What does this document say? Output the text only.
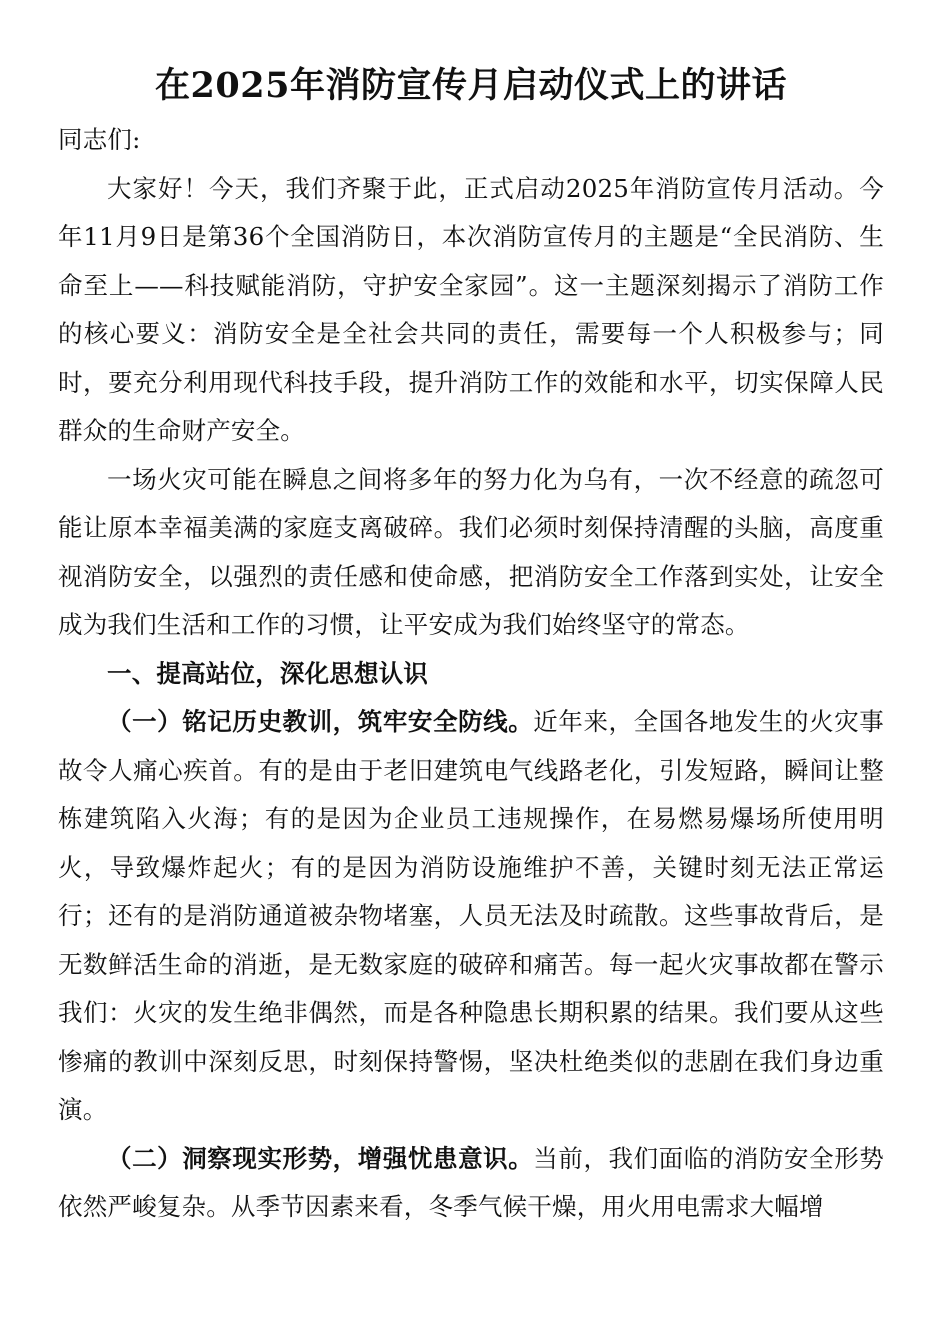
在2025年消防宣传月启动仪式上的讲话

同志们:

大家好！今天，我们齐聚于此，正式启动2025年消防宣传月活动。今年11月9日是第36个全国消防日，本次消防宣传月的主题是“全民消防、生命至上——科技赋能消防，守护安全家园”。这一主题深刻揭示了消防工作的核心要义：消防安全是全社会共同的责任，需要每一个人积极参与；同时，要充分利用现代科技手段，提升消防工作的效能和水平，切实保障人民群众的生命财产安全。

一场火灾可能在瞬息之间将多年的努力化为乌有，一次不经意的疏忽可能让原本幸福美满的家庭支离破碎。我们必须时刻保持清醒的头脑，高度重视消防安全，以强烈的责任感和使命感，把消防安全工作落到实处，让安全成为我们生活和工作的习惯，让平安成为我们始终坚守的常态。

一、提高站位，深化思想认识

（一）铭记历史教训，筑牢安全防线。近年来，全国各地发生的火灾事故令人痛心疾首。有的是由于老旧建筑电气线路老化，引发短路，瞬间让整栋建筑陷入火海；有的是因为企业员工违规操作，在易燃易爆场所使用明火，导致爆炸起火；有的是因为消防设施维护不善，关键时刻无法正常运行；还有的是消防通道被杂物堵塞，人员无法及时疏散。这些事故背后，是无数鲜活生命的消逝，是无数家庭的破碎和痛苦。每一起火灾事故都在警示我们：火灾的发生绝非偶然，而是各种隐患长期积累的结果。我们要从这些惨痛的教训中深刻反思，时刻保持警惕，坚决杜绝类似的悲剧在我们身边重演。

（二）洞察现实形势，增强忧患意识。当前，我们面临的消防安全形势依然严峻复杂。从季节因素来看，冬季气候干燥，用火用电需求大幅增
